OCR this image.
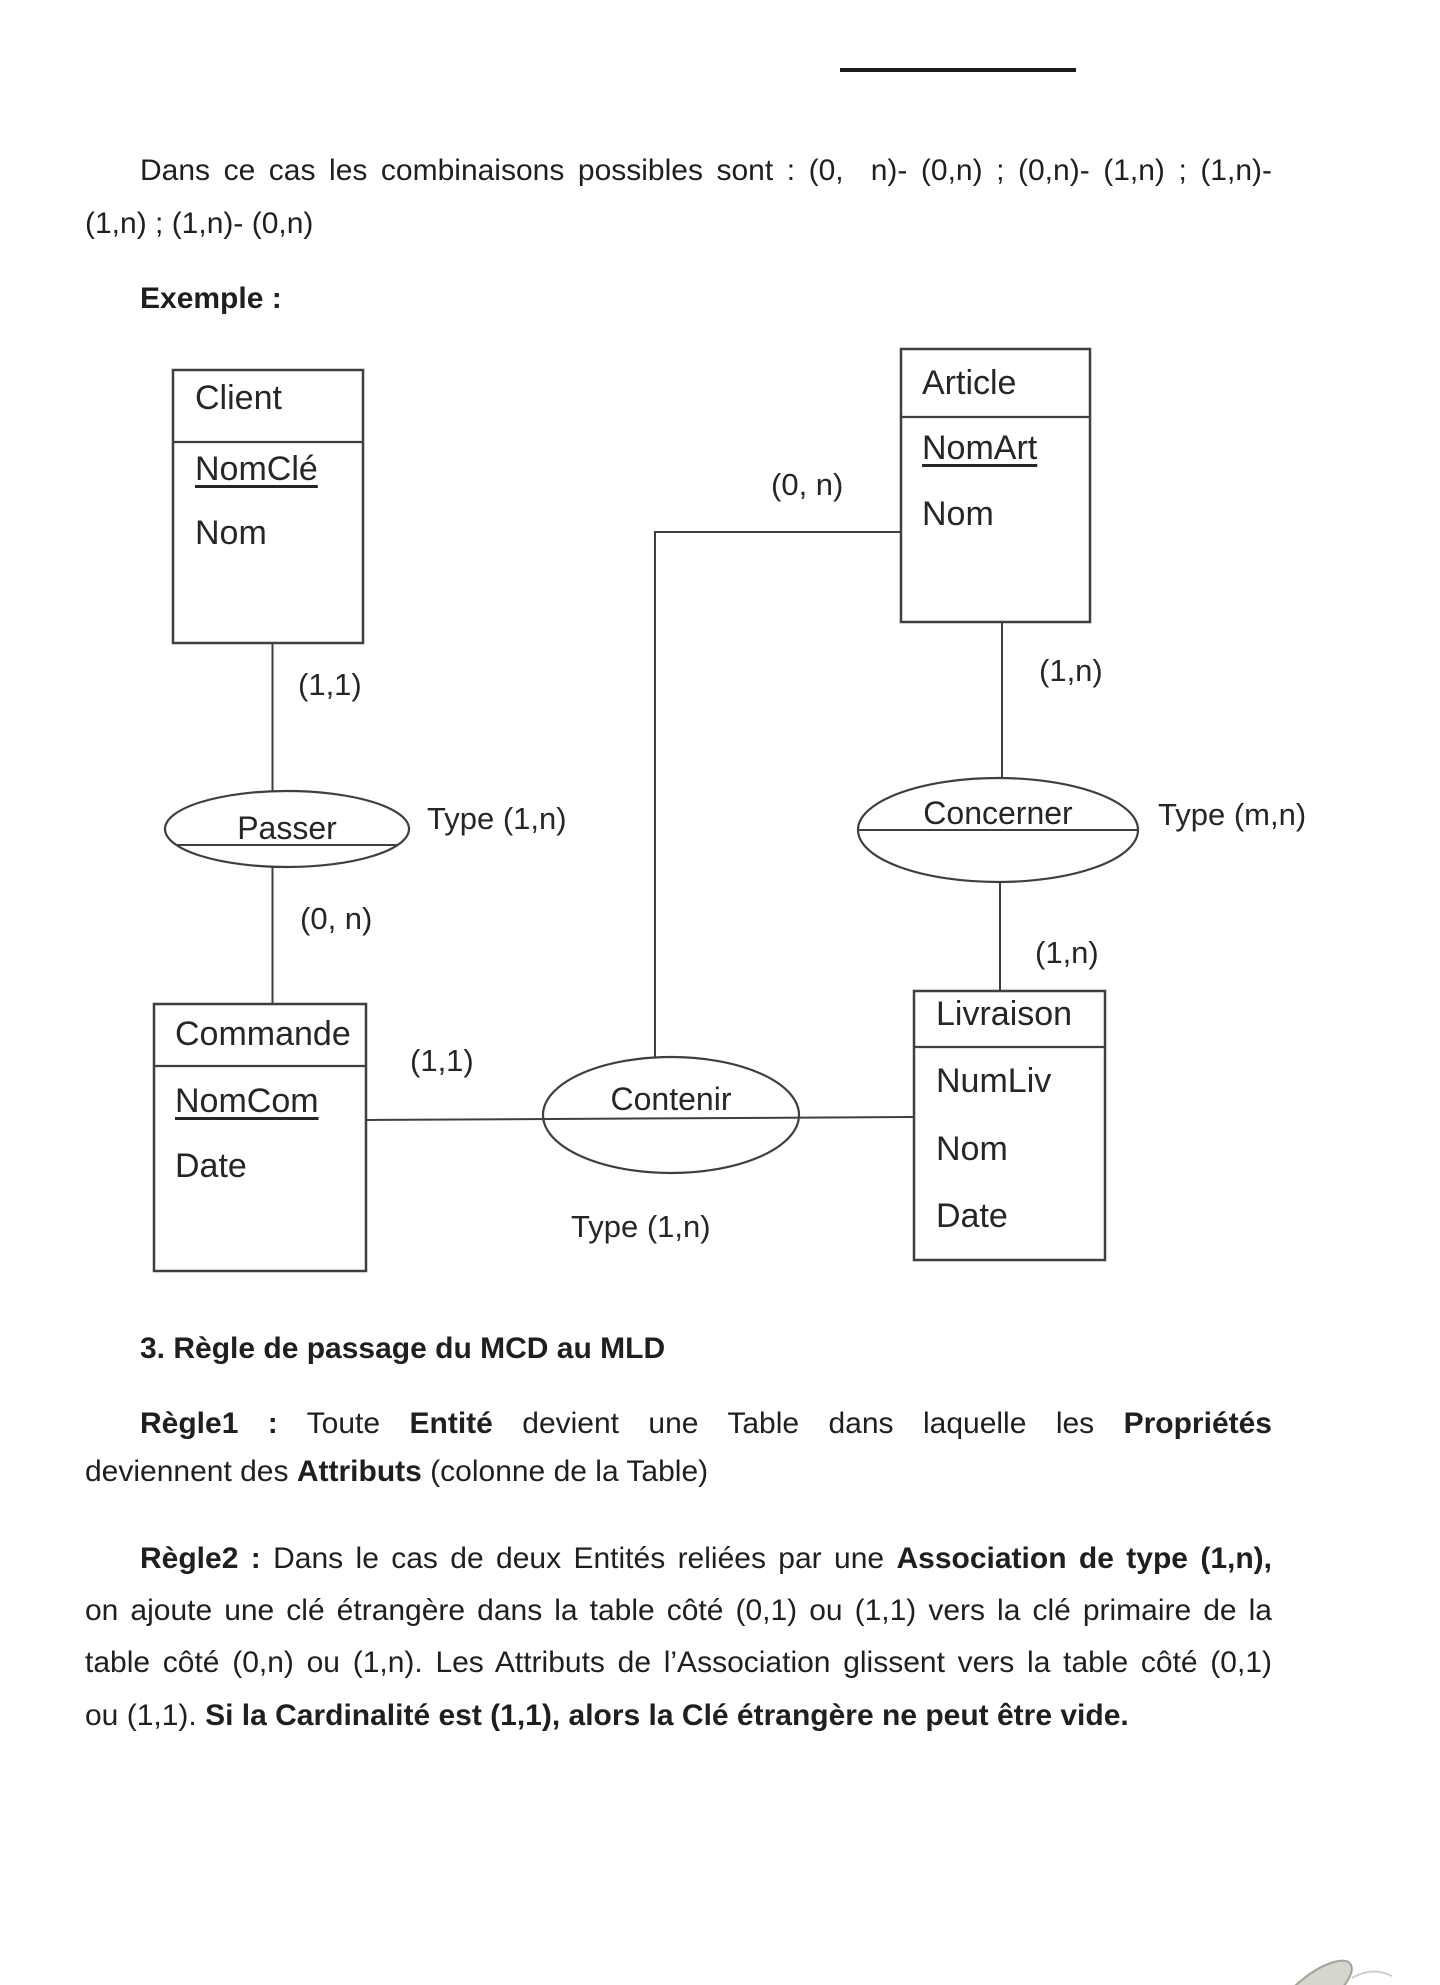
Dans ce cas les combinaisons possibles sont : (0,  n)- (0,n) ; (0,n)- (1,n) ; (1,n)-
(1,n) ; (1,n)- (0,n)
Exemple :
Client
NomClé
Nom
Article
NomArt
Nom
Commande
NomCom
Date
Livraison
NumLiv
Nom
Date
Passer	Concerner
Contenir
(1,1)
(0, n)
Type (1,n)
(0, n)
(1,n)
Type (m,n)
(1,n)
(1,1)
Type (1,n)
3. Règle de passage du MCD au MLD
Règle1 : Toute Entité devient une Table dans laquelle les Propriétés
deviennent des Attributs (colonne de la Table)
Règle2 : Dans le cas de deux Entités reliées par une Association de type (1,n),
on ajoute une clé étrangère dans la table côté (0,1) ou (1,1) vers la clé primaire de la
table côté (0,n) ou (1,n). Les Attributs de l’Association glissent vers la table côté (0,1)
ou (1,1). Si la Cardinalité est (1,1), alors la Clé étrangère ne peut être vide.
